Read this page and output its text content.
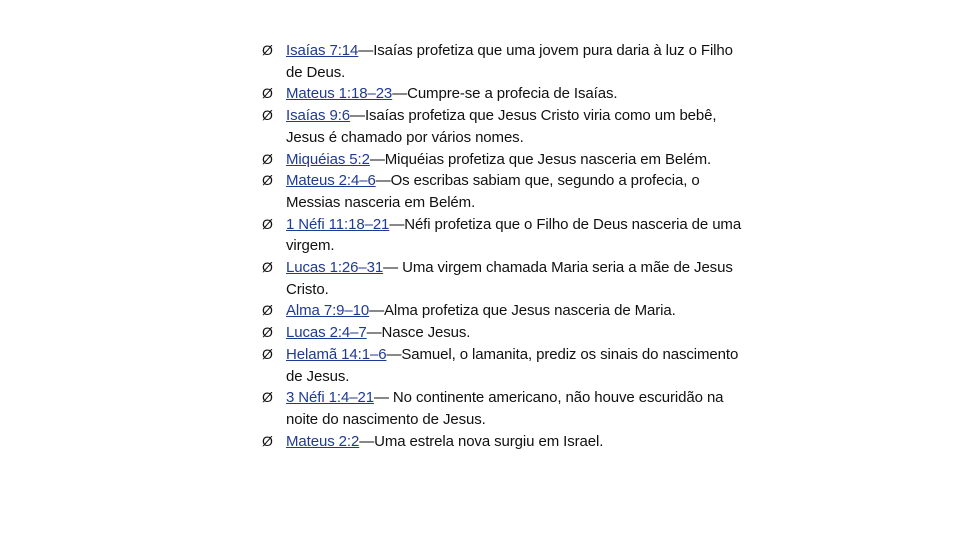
Ø Isaías 7:14—Isaías profetiza que uma jovem pura daria à luz o Filho de Deus.
Ø Mateus 1:18–23—Cumpre-se a profecia de Isaías.
Ø Isaías 9:6—Isaías profetiza que Jesus Cristo viria como um bebê, Jesus é chamado por vários nomes.
Ø Miquéias 5:2—Miquéias profetiza que Jesus nasceria em Belém.
Ø Mateus 2:4–6—Os escribas sabiam que, segundo a profecia, o Messias nasceria em Belém.
Ø 1 Néfi 11:18–21—Néfi profetiza que o Filho de Deus nasceria de uma virgem.
Ø Lucas 1:26–31— Uma virgem chamada Maria seria a mãe de Jesus Cristo.
Ø Alma 7:9–10—Alma profetiza que Jesus nasceria de Maria.
Ø Lucas 2:4–7—Nasce Jesus.
Ø Helamã 14:1–6—Samuel, o lamanita, prediz os sinais do nascimento de Jesus.
Ø 3 Néfi 1:4–21— No continente americano, não houve escuridão na noite do nascimento de Jesus.
Ø Mateus 2:2—Uma estrela nova surgiu em Israel.
